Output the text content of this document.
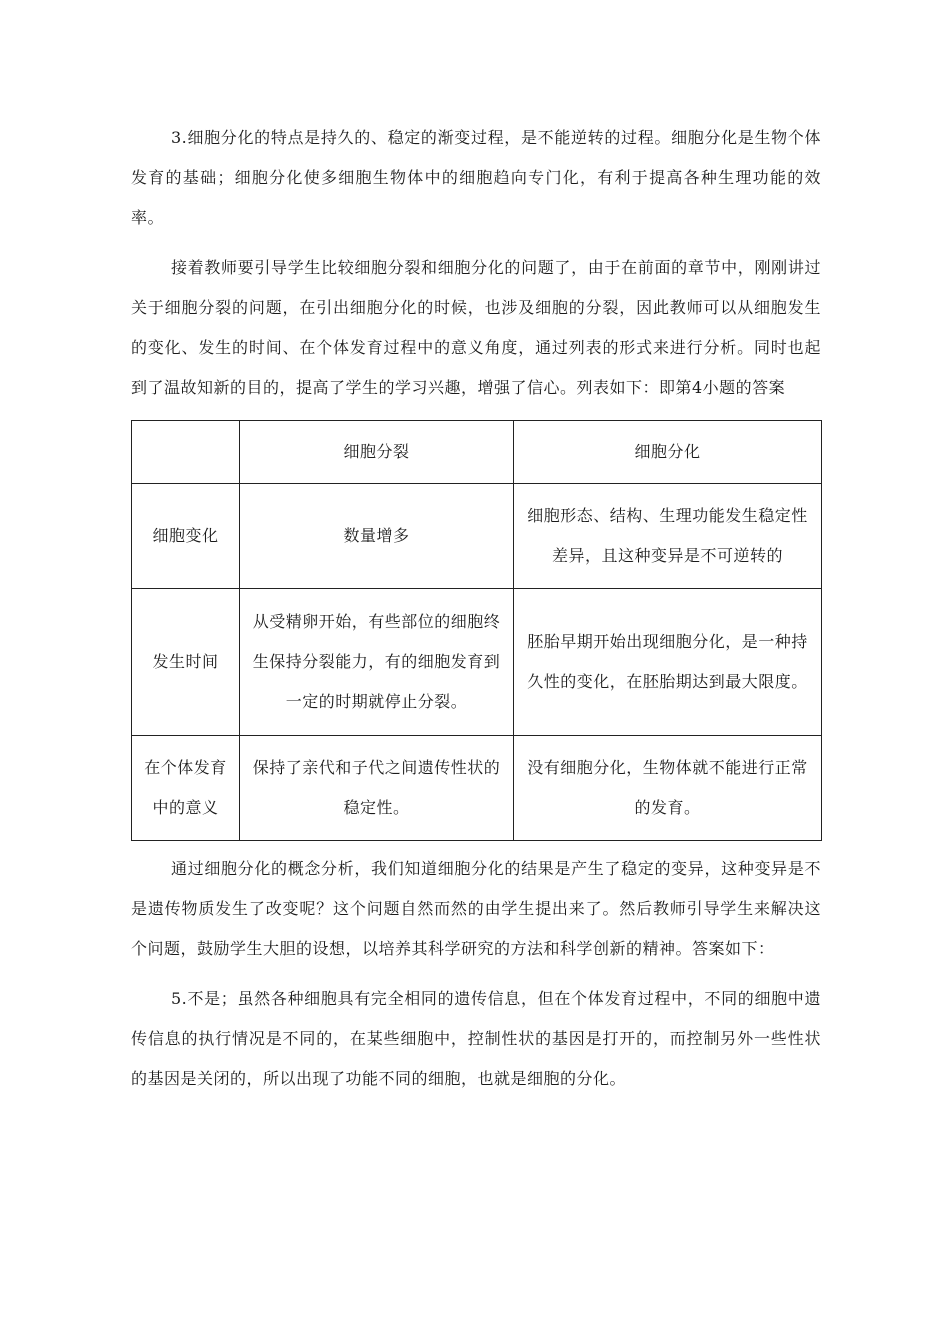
3.细胞分化的特点是持久的、稳定的渐变过程，是不能逆转的过程。细胞分化是生物个体发育的基础；细胞分化使多细胞生物体中的细胞趋向专门化，有利于提高各种生理功能的效率。

接着教师要引导学生比较细胞分裂和细胞分化的问题了，由于在前面的章节中，刚刚讲过关于细胞分裂的问题，在引出细胞分化的时候，也涉及细胞的分裂，因此教师可以从细胞发生的变化、发生的时间、在个体发育过程中的意义角度，通过列表的形式来进行分析。同时也起到了温故知新的目的，提高了学生的学习兴趣，增强了信心。列表如下：即第4小题的答案

	细胞分裂	细胞分化
细胞变化	数量增多	细胞形态、结构、生理功能发生稳定性差异，且这种变异是不可逆转的
发生时间	从受精卵开始，有些部位的细胞终生保持分裂能力，有的细胞发育到一定的时期就停止分裂。	胚胎早期开始出现细胞分化，是一种持久性的变化，在胚胎期达到最大限度。
在个体发育中的意义	保持了亲代和子代之间遗传性状的稳定性。	没有细胞分化，生物体就不能进行正常的发育。

通过细胞分化的概念分析，我们知道细胞分化的结果是产生了稳定的变异，这种变异是不是遗传物质发生了改变呢？这个问题自然而然的由学生提出来了。然后教师引导学生来解决这个问题，鼓励学生大胆的设想，以培养其科学研究的方法和科学创新的精神。答案如下：

5.不是；虽然各种细胞具有完全相同的遗传信息，但在个体发育过程中，不同的细胞中遗传信息的执行情况是不同的，在某些细胞中，控制性状的基因是打开的，而控制另外一些性状的基因是关闭的，所以出现了功能不同的细胞，也就是细胞的分化。
